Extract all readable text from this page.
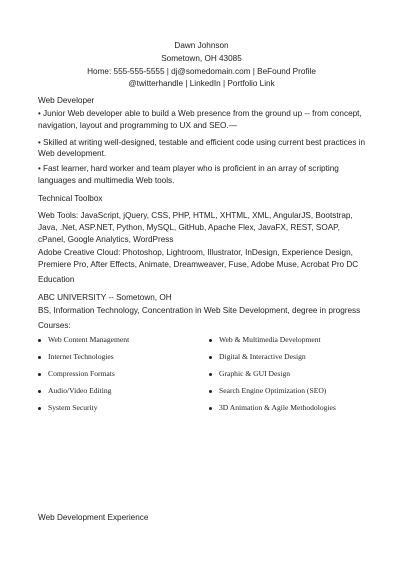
Dawn Johnson
Sometown, OH 43085
Home: 555-555-5555 | dj@somedomain.com | BeFound Profile
@twitterhandle | LinkedIn | Portfolio Link
Web Developer
• Junior Web developer able to build a Web presence from the ground up -- from concept,
navigation, layout and programming to UX and SEO.—
• Skilled at writing well-designed, testable and efficient code using current best practices in
Web development.
• Fast learner, hard worker and team player who is proficient in an array of scripting
languages and multimedia Web tools.
Technical Toolbox
Web Tools: JavaScript, jQuery, CSS, PHP, HTML, XHTML, XML, AngularJS, Bootstrap,
Java, .Net, ASP.NET, Python, MySQL, GitHub, Apache Flex, JavaFX, REST, SOAP,
cPanel, Google Analytics, WordPress
Adobe Creative Cloud: Photoshop, Lightroom, Illustrator, InDesign, Experience Design,
Premiere Pro, After Effects, Animate, Dreamweaver, Fuse, Adobe Muse, Acrobat Pro DC
Education
ABC UNIVERSITY -- Sometown, OH
BS, Information Technology, Concentration in Web Site Development, degree in progress
Courses:
Web Content Management
Internet Technologies
Compression Formats
Audio/Video Editing
System Security
Web & Multimedia Development
Digital & Interactive Design
Graphic & GUI Design
Search Engine Optimization (SEO)
3D Animation & Agile Methodologies
Web Development Experience
